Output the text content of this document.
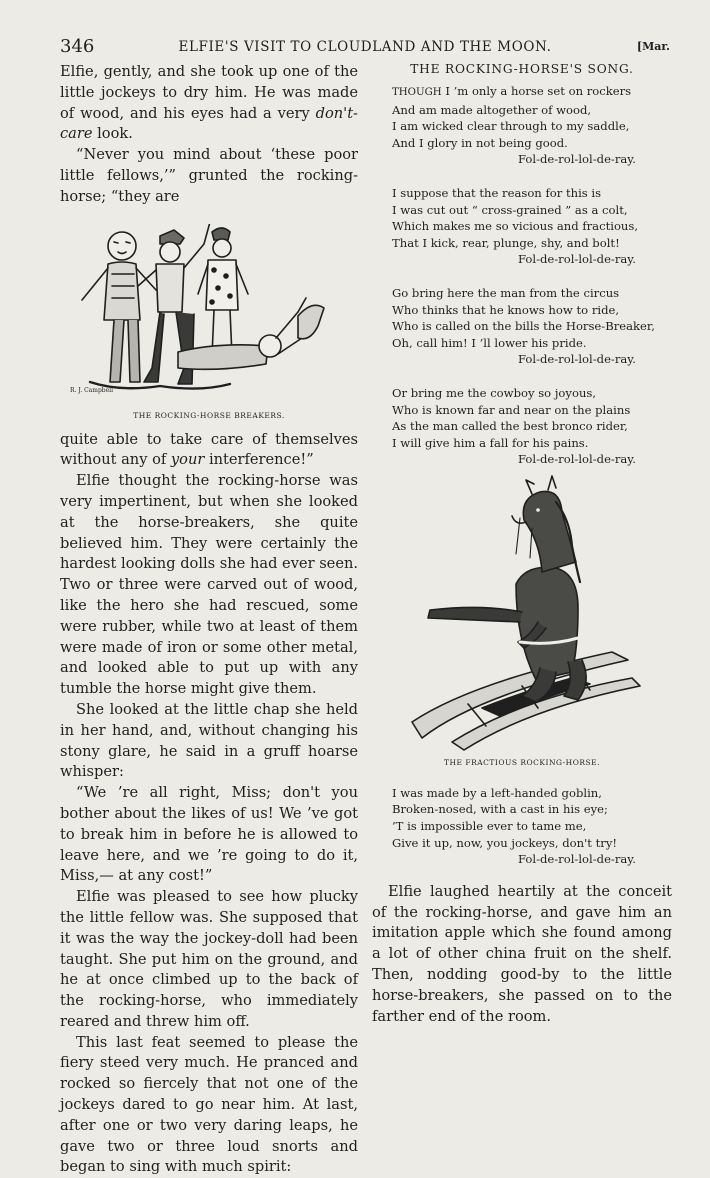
346	ELFIE'S VISIT TO CLOUDLAND AND THE MOON.	[Mar.

Elfie, gently, and she took up one of the little jockeys to dry him. He was made of wood, and his eyes had a very don't-care look.

“Never you mind about ‘these poor little fellows,’” grunted the rocking-horse; “they are

R. J. Campbell

THE ROCKING-HORSE BREAKERS.

quite able to take care of themselves without any of your interference!”

Elfie thought the rocking-horse was very impertinent, but when she looked at the horse-breakers, she quite believed him. They were certainly the hardest looking dolls she had ever seen. Two or three were carved out of wood, like the hero she had rescued, some were rubber, while two at least of them were made of iron or some other metal, and looked able to put up with any tumble the horse might give them.

She looked at the little chap she held in her hand, and, without changing his stony glare, he said in a gruff hoarse whisper:

“We ’re all right, Miss; don't you bother about the likes of us! We ’ve got to break him in before he is allowed to leave here, and we ’re going to do it, Miss,— at any cost!”

Elfie was pleased to see how plucky the little fellow was. She supposed that it was the way the jockey-doll had been taught. She put him on the ground, and he at once climbed up to the back of the rocking-horse, who immediately reared and threw him off.

This last feat seemed to please the fiery steed very much. He pranced and rocked so fiercely that not one of the jockeys dared to go near him. At last, after one or two very daring leaps, he gave two or three loud snorts and began to sing with much spirit:

THE ROCKING-HORSE'S SONG.

THOUGH I ’m only a horse set on rockers
And am made altogether of wood,
I am wicked clear through to my saddle,
And I glory in not being good.
Fol-de-rol-lol-de-ray.
I suppose that the reason for this is
I was cut out “ cross-grained ” as a colt,
Which makes me so vicious and fractious,
That I kick, rear, plunge, shy, and bolt!
Fol-de-rol-lol-de-ray.
Go bring here the man from the circus
Who thinks that he knows how to ride,
Who is called on the bills the Horse-Breaker,
Oh, call him! I ’ll lower his pride.
Fol-de-rol-lol-de-ray.
Or bring me the cowboy so joyous,
Who is known far and near on the plains
As the man called the best bronco rider,
I will give him a fall for his pains.
Fol-de-rol-lol-de-ray.

THE FRACTIOUS ROCKING-HORSE.

I was made by a left-handed goblin,
Broken-nosed, with a cast in his eye;
’T is impossible ever to tame me,
Give it up, now, you jockeys, don't try!
Fol-de-rol-lol-de-ray.

Elfie laughed heartily at the conceit of the rocking-horse, and gave him an imitation apple which she found among a lot of other china fruit on the shelf. Then, nodding good-by to the little horse-breakers, she passed on to the farther end of the room.
